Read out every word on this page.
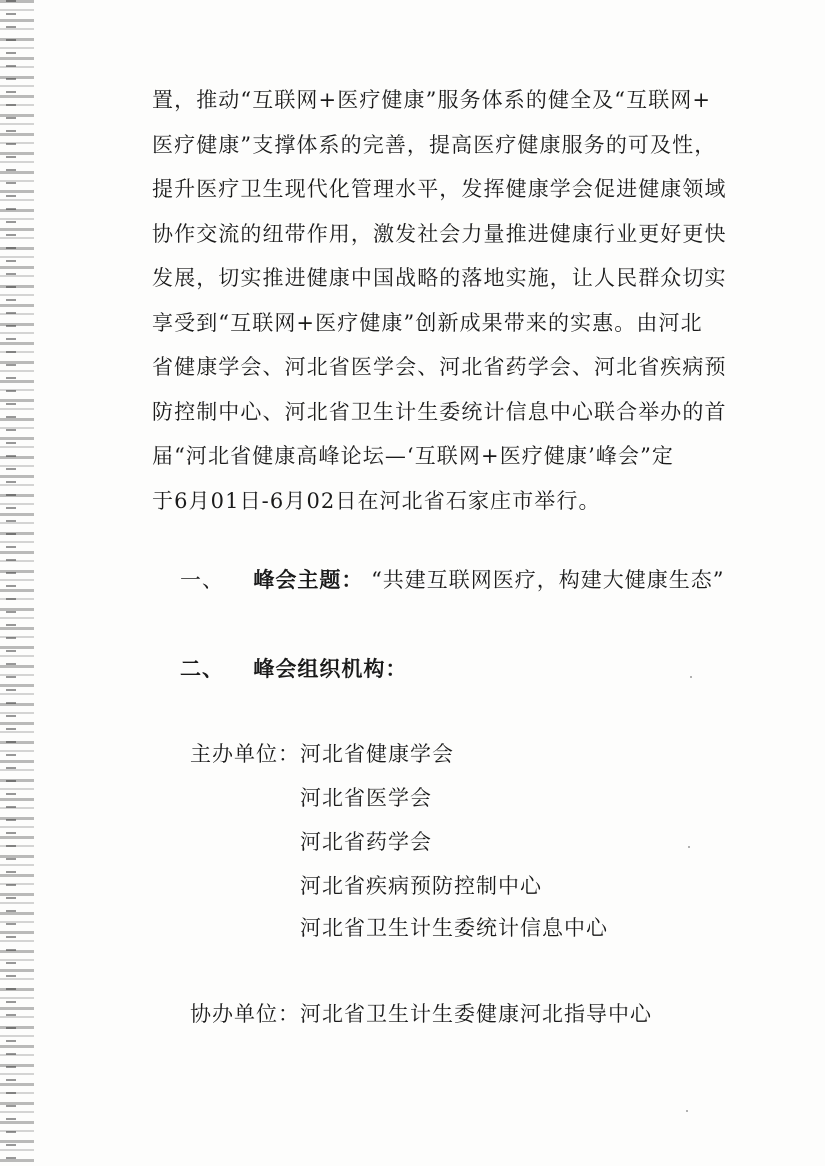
置，推动“互联网+医疗健康”服务体系的健全及“互联网+
医疗健康”支撑体系的完善，提高医疗健康服务的可及性，
提升医疗卫生现代化管理水平，发挥健康学会促进健康领域
协作交流的纽带作用，激发社会力量推进健康行业更好更快
发展，切实推进健康中国战略的落地实施，让人民群众切实
享受到“互联网+医疗健康”创新成果带来的实惠。由河北
省健康学会、河北省医学会、河北省药学会、河北省疾病预
防控制中心、河北省卫生计生委统计信息中心联合举办的首
届“河北省健康高峰论坛—‘互联网+医疗健康’峰会”定
于6月01日-6月02日在河北省石家庄市举行。
一、 峰会主题： “共建互联网医疗，构建大健康生态”
二、 峰会组织机构：
主办单位： 河北省健康学会
河北省医学会
河北省药学会
河北省疾病预防控制中心
河北省卫生计生委统计信息中心
协办单位： 河北省卫生计生委健康河北指导中心
